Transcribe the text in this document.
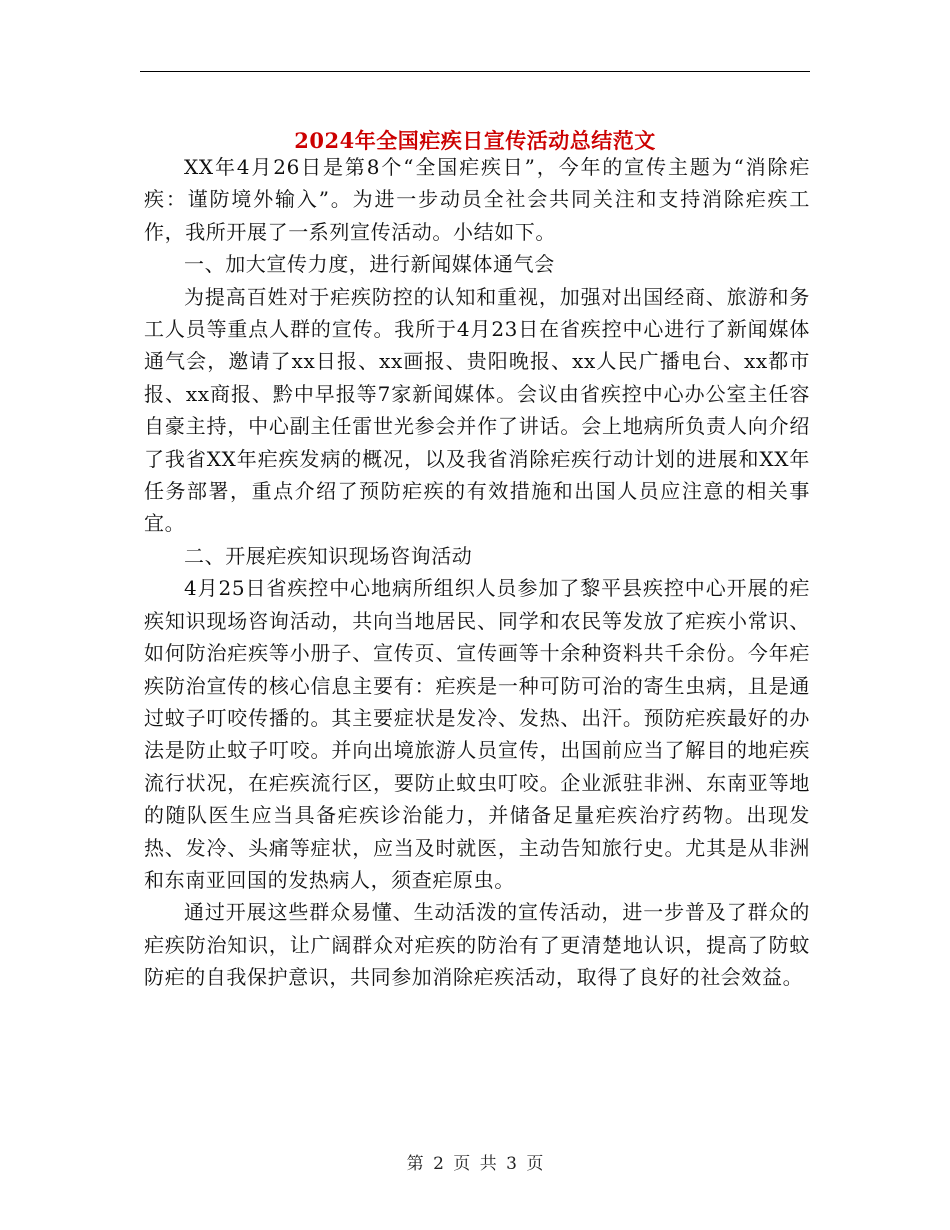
2024年全国疟疾日宣传活动总结范文

XX年4月26日是第8个“全国疟疾日”，今年的宣传主题为“消除疟疾：谨防境外输入”。为进一步动员全社会共同关注和支持消除疟疾工作，我所开展了一系列宣传活动。小结如下。

一、加大宣传力度，进行新闻媒体通气会

为提高百姓对于疟疾防控的认知和重视，加强对出国经商、旅游和务工人员等重点人群的宣传。我所于4月23日在省疾控中心进行了新闻媒体通气会，邀请了xx日报、xx画报、贵阳晚报、xx人民广播电台、xx都市报、xx商报、黔中早报等7家新闻媒体。会议由省疾控中心办公室主任容自豪主持，中心副主任雷世光参会并作了讲话。会上地病所负责人向介绍了我省XX年疟疾发病的概况，以及我省消除疟疾行动计划的进展和XX年任务部署，重点介绍了预防疟疾的有效措施和出国人员应注意的相关事宜。

二、开展疟疾知识现场咨询活动

4月25日省疾控中心地病所组织人员参加了黎平县疾控中心开展的疟疾知识现场咨询活动，共向当地居民、同学和农民等发放了疟疾小常识、如何防治疟疾等小册子、宣传页、宣传画等十余种资料共千余份。今年疟疾防治宣传的核心信息主要有：疟疾是一种可防可治的寄生虫病，且是通过蚊子叮咬传播的。其主要症状是发冷、发热、出汗。预防疟疾最好的办法是防止蚊子叮咬。并向出境旅游人员宣传，出国前应当了解目的地疟疾流行状况，在疟疾流行区，要防止蚊虫叮咬。企业派驻非洲、东南亚等地的随队医生应当具备疟疾诊治能力，并储备足量疟疾治疗药物。出现发热、发冷、头痛等症状，应当及时就医，主动告知旅行史。尤其是从非洲和东南亚回国的发热病人，须查疟原虫。

通过开展这些群众易懂、生动活泼的宣传活动，进一步普及了群众的疟疾防治知识，让广阔群众对疟疾的防治有了更清楚地认识，提高了防蚊防疟的自我保护意识，共同参加消除疟疾活动，取得了良好的社会效益。

第 2 页 共 3 页
